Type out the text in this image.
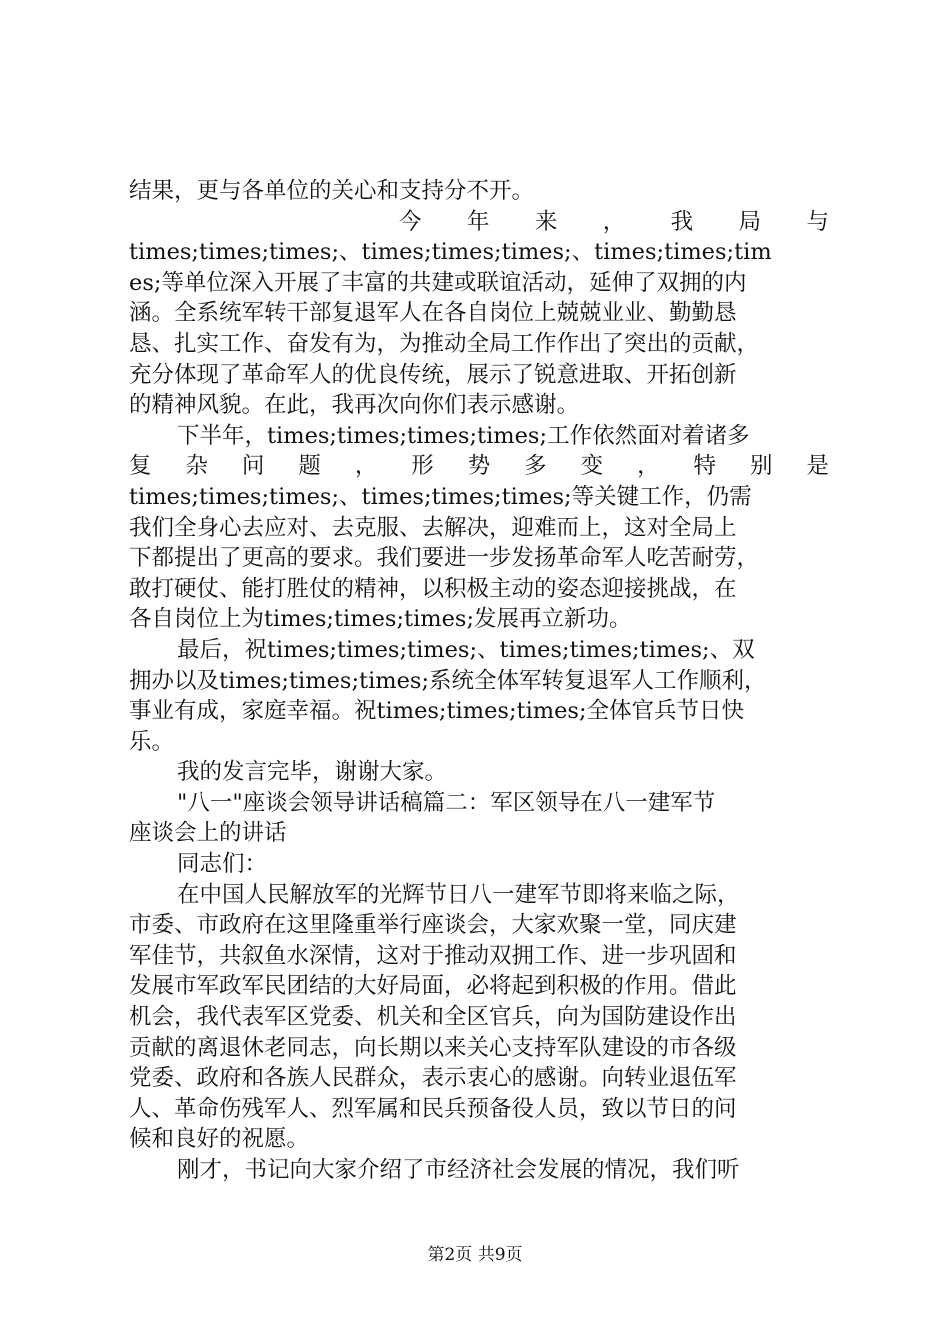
结果，更与各单位的关心和支持分不开。
今 年 来 ， 我 局 与
times;times;times;、times;times;times;、times;times;tim
es;等单位深入开展了丰富的共建或联谊活动，延伸了双拥的内
涵。全系统军转干部复退军人在各自岗位上兢兢业业、勤勤恳
恳、扎实工作、奋发有为，为推动全局工作作出了突出的贡献，
充分体现了革命军人的优良传统，展示了锐意进取、开拓创新
的精神风貌。在此，我再次向你们表示感谢。
下半年，times;times;times;times;工作依然面对着诸多
复 杂 问 题 ， 形 势 多 变 ， 特 别 是
times;times;times;、times;times;times;等关键工作，仍需
我们全身心去应对、去克服、去解决，迎难而上，这对全局上
下都提出了更高的要求。我们要进一步发扬革命军人吃苦耐劳，
敢打硬仗、能打胜仗的精神，以积极主动的姿态迎接挑战，在
各自岗位上为times;times;times;发展再立新功。
最后，祝times;times;times;、times;times;times;、双
拥办以及times;times;times;系统全体军转复退军人工作顺利，
事业有成，家庭幸福。祝times;times;times;全体官兵节日快
乐。
我的发言完毕，谢谢大家。
"八一"座谈会领导讲话稿篇二：军区领导在八一建军节
座谈会上的讲话
同志们：
在中国人民解放军的光辉节日八一建军节即将来临之际，
市委、市政府在这里隆重举行座谈会，大家欢聚一堂，同庆建
军佳节，共叙鱼水深情，这对于推动双拥工作、进一步巩固和
发展市军政军民团结的大好局面，必将起到积极的作用。借此
机会，我代表军区党委、机关和全区官兵，向为国防建设作出
贡献的离退休老同志，向长期以来关心支持军队建设的市各级
党委、政府和各族人民群众，表示衷心的感谢。向转业退伍军
人、革命伤残军人、烈军属和民兵预备役人员，致以节日的问
候和良好的祝愿。
刚才，书记向大家介绍了市经济社会发展的情况，我们听
第2页 共9页
